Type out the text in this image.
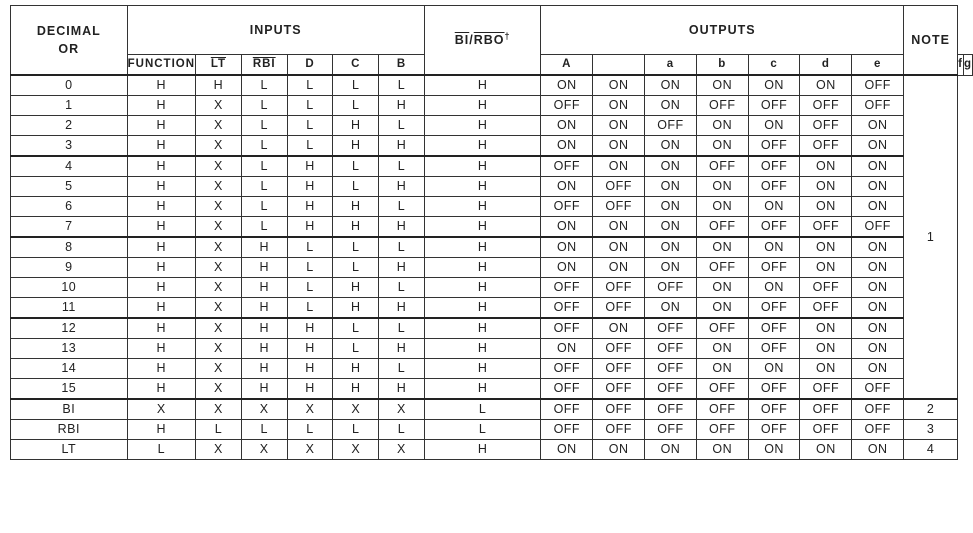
DECIMAL
OR	INPUTS						$\overline{BI}/\overline{RBO}^\dagger$	OUTPUTS							NOTE		
	FUNCTION	$\overline{LT}$	$\overline{RBI}$	D	C	B		A		a	b	c	d	e		f	g
0	H	H	L	L	L	L	H	ON	ON	ON	ON	ON	ON	OFF	1		
1	H	X	L	L	L	H	H	OFF	ON	ON	OFF	OFF	OFF	OFF			
2	H	X	L	L	H	L	H	ON	ON	OFF	ON	ON	OFF	ON			
3	H	X	L	L	H	H	H	ON	ON	ON	ON	OFF	OFF	ON			
4	H	X	L	H	L	L	H	OFF	ON	ON	OFF	OFF	ON	ON			
5	H	X	L	H	L	H	H	ON	OFF	ON	ON	OFF	ON	ON			
6	H	X	L	H	H	L	H	OFF	OFF	ON	ON	ON	ON	ON			
7	H	X	L	H	H	H	H	ON	ON	ON	OFF	OFF	OFF	OFF			
8	H	X	H	L	L	L	H	ON	ON	ON	ON	ON	ON	ON			
9	H	X	H	L	L	H	H	ON	ON	ON	OFF	OFF	ON	ON			
10	H	X	H	L	H	L	H	OFF	OFF	OFF	ON	ON	OFF	ON			
11	H	X	H	L	H	H	H	OFF	OFF	ON	ON	OFF	OFF	ON			
12	H	X	H	H	L	L	H	OFF	ON	OFF	OFF	OFF	ON	ON			
13	H	X	H	H	L	H	H	ON	OFF	OFF	ON	OFF	ON	ON			
14	H	X	H	H	H	L	H	OFF	OFF	OFF	ON	ON	ON	ON			
15	H	X	H	H	H	H	H	OFF	OFF	OFF	OFF	OFF	OFF	OFF			
BI	X	X	X	X	X	X	L	OFF	OFF	OFF	OFF	OFF	OFF	OFF	2		
RBI	H	L	L	L	L	L	L	OFF	OFF	OFF	OFF	OFF	OFF	OFF	3		
LT	L	X	X	X	X	X	H	ON	ON	ON	ON	ON	ON	ON	4		
